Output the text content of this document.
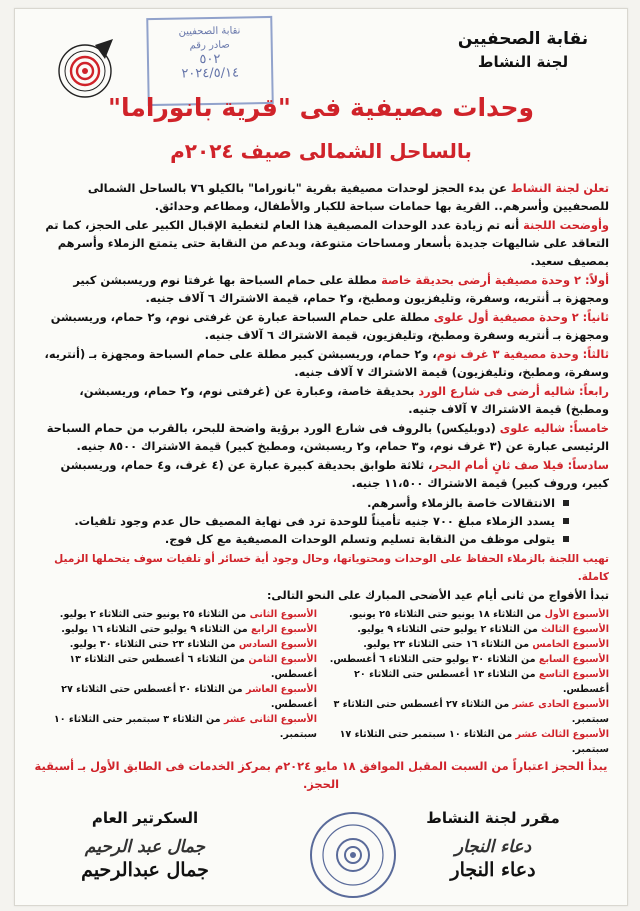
نقابة الصحفيين
صادر رقم
٥٠٢
٢٠٢٤/٥/١٤
نقابة الصحفيين
لجنة النشاط
وحدات مصيفية فى "قرية بانوراما"
بالساحل الشمالى صيف ٢٠٢٤م

تعلن لجنة النشاط عن بدء الحجز لوحدات مصيفية بقرية "بانوراما" بالكيلو ٧٦ بالساحل الشمالى للصحفيين وأسرهم.. القرية بها حمامات سباحة للكبار والأطفال، ومطاعم وحدائق.

وأوضحت اللجنة أنه تم زيادة عدد الوحدات المصيفية هذا العام لتغطية الإقبال الكبير على الحجز، كما تم التعاقد على شاليهات جديدة بأسعار ومساحات متنوعة، وبدعم من النقابة حتى يتمتع الزملاء وأسرهم بمصيف سعيد.

أولاً: ٢ وحدة مصيفية أرضى بحديقة خاصة مطلة على حمام السباحة بها غرفتا نوم وريسبشن كبير ومجهزة بـ أنتريه، وسفرة، وتليفزيون ومطبخ، و٢ حمام، قيمة الاشتراك ٦ آلاف جنيه.

ثانياً: ٢ وحدة مصيفية أول علوى مطلة على حمام السباحة عبارة عن غرفتى نوم، و٢ حمام، وريسبشن ومجهزة بـ أنتريه وسفرة ومطبخ، وتليفزيون، قيمة الاشتراك ٦ آلاف جنيه.

ثالثاً: وحدة مصيفية ٣ غرف نوم، و٢ حمام، وريسبشن كبير مطلة على حمام السباحة ومجهزة بـ (أنتريه، وسفرة، ومطبخ، وتليفزيون) قيمة الاشتراك ٧ آلاف جنيه.

رابعاً: شاليه أرضى فى شارع الورد بحديقة خاصة، وعبارة عن (غرفتى نوم، و٢ حمام، وريسبشن، ومطبخ) قيمة الاشتراك ٧ آلاف جنيه.

خامساً: شاليه علوى (دوبليكس) بالروف فى شارع الورد برؤية واضحة للبحر، بالقرب من حمام السباحة الرئيسى عبارة عن (٣ غرف نوم، و٣ حمام، و٢ ريسبشن، ومطبخ كبير) قيمة الاشتراك ٨٥٠٠ جنيه.

سادساً: فيلا صف ثانٍ أمام البحر، ثلاثة طوابق بحديقة كبيرة عبارة عن (٤ غرف، و٤ حمام، وريسبشن كبير، وروف كبير) قيمة الاشتراك ١١،٥٠٠ جنيه.

الانتقالات خاصة بالزملاء وأسرهم.
يسدد الزملاء مبلغ ٧٠٠ جنيه تأميناً للوحدة ترد فى نهاية المصيف حال عدم وجود تلفيات.
يتولى موظف من النقابة تسليم وتسلم الوحدات المصيفية مع كل فوج.

تهيب اللجنة بالزملاء الحفاظ على الوحدات ومحتوياتها، وحال وجود أية خسائر أو تلفيات سوف يتحملها الزميل كاملة.

تبدأ الأفواج من ثانى أيام عيد الأضحى المبارك على النحو التالى:

الأسبوع الأول من الثلاثاء ١٨ يونيو حتى الثلاثاء ٢٥ يونيو.
الأسبوع الثالث من الثلاثاء ٢ يوليو حتى الثلاثاء ٩ يوليو.
الأسبوع الخامس من الثلاثاء ١٦ حتى الثلاثاء ٢٣ يوليو.
الأسبوع السابع من الثلاثاء ٣٠ يوليو حتى الثلاثاء ٦ أغسطس.
الأسبوع التاسع من الثلاثاء ١٣ أغسطس حتى الثلاثاء ٢٠ أغسطس.
الأسبوع الحادى عشر من الثلاثاء ٢٧ أغسطس حتى الثلاثاء ٣ سبتمبر.
الأسبوع الثالث عشر من الثلاثاء ١٠ سبتمبر حتى الثلاثاء ١٧ سبتمبر.
الأسبوع الثانى من الثلاثاء ٢٥ يونيو حتى الثلاثاء ٢ يوليو.
الأسبوع الرابع من الثلاثاء ٩ يوليو حتى الثلاثاء ١٦ يوليو.
الأسبوع السادس من الثلاثاء ٢٣ حتى الثلاثاء ٣٠ يوليو.
الأسبوع الثامن من الثلاثاء ٦ أغسطس حتى الثلاثاء ١٣ أغسطس.
الأسبوع العاشر من الثلاثاء ٢٠ أغسطس حتى الثلاثاء ٢٧ أغسطس.
الأسبوع الثانى عشر من الثلاثاء ٣ سبتمبر حتى الثلاثاء ١٠ سبتمبر.

يبدأ الحجز اعتباراً من السبت المقبل الموافق ١٨ مايو ٢٠٢٤م بمركز الخدمات فى الطابق الأول بـ أسبقية الحجز.

مقرر لجنة النشاط
دعاء النجار
دعاء النجار
السكرتير العام
جمال عبد الرحيم
جمال عبدالرحيم
